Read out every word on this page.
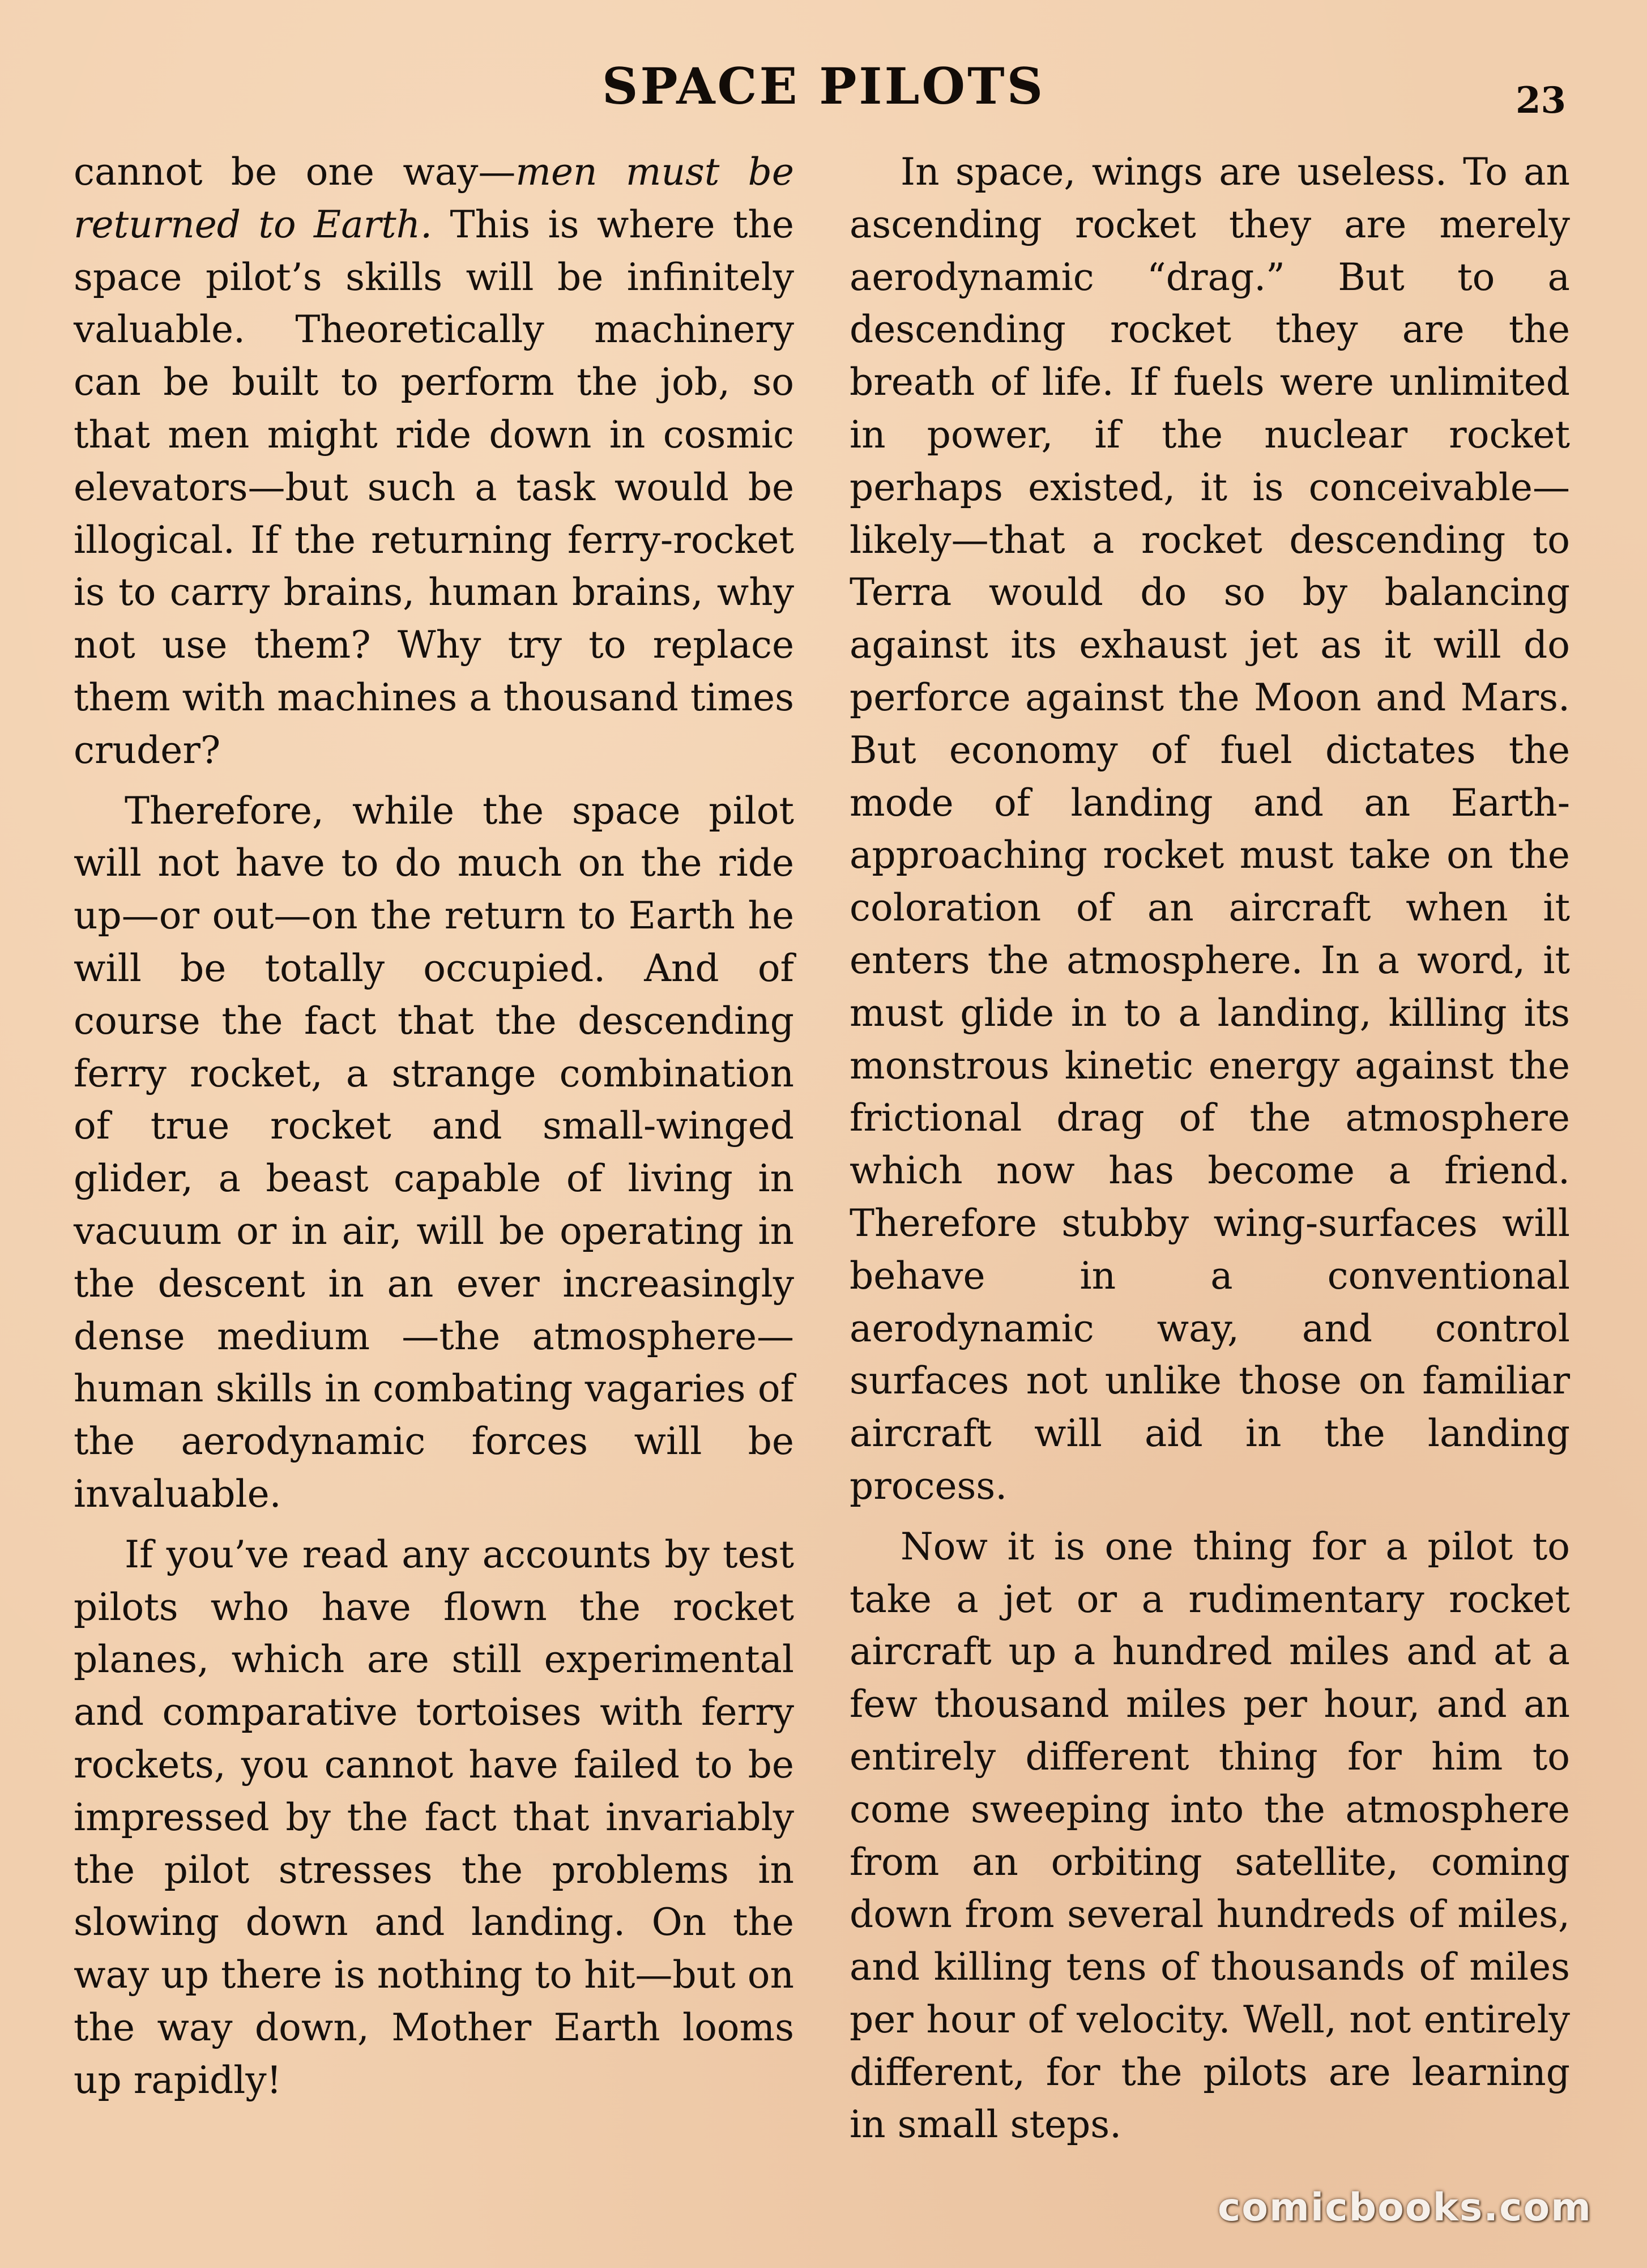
SPACE PILOTS	23

cannot be one way—men must be returned to Earth. This is where the space pilot’s skills will be infinitely valuable. Theoretically machinery can be built to perform the job, so that men might ride down in cosmic elevators—but such a task would be illogical. If the returning ferry-rocket is to carry brains, human brains, why not use them? Why try to replace them with machines a thousand times cruder?

Therefore, while the space pilot will not have to do much on the ride up—or out—on the return to Earth he will be totally occupied. And of course the fact that the descending ferry rocket, a strange combination of true rocket and small-winged glider, a beast capable of living in vacuum or in air, will be operating in the descent in an ever increasingly dense medium —the atmosphere—human skills in combating vagaries of the aerodynamic forces will be invaluable.

If you’ve read any accounts by test pilots who have flown the rocket planes, which are still experimental and comparative tortoises with ferry rockets, you cannot have failed to be impressed by the fact that invariably the pilot stresses the problems in slowing down and landing. On the way up there is nothing to hit—but on the way down, Mother Earth looms up rapidly!

In space, wings are useless. To an ascending rocket they are merely aerodynamic “drag.” But to a descending rocket they are the breath of life. If fuels were unlimited in power, if the nuclear rocket perhaps existed, it is conceivable—likely—that a rocket descending to Terra would do so by balancing against its exhaust jet as it will do perforce against the Moon and Mars. But economy of fuel dictates the mode of landing and an Earth-approaching rocket must take on the coloration of an aircraft when it enters the atmosphere. In a word, it must glide in to a landing, killing its monstrous kinetic energy against the frictional drag of the atmosphere which now has become a friend. Therefore stubby wing-surfaces will behave in a conventional aerodynamic way, and control surfaces not unlike those on familiar aircraft will aid in the landing process.

Now it is one thing for a pilot to take a jet or a rudimentary rocket aircraft up a hundred miles and at a few thousand miles per hour, and an entirely different thing for him to come sweeping into the atmosphere from an orbiting satellite, coming down from several hundreds of miles, and killing tens of thousands of miles per hour of velocity. Well, not entirely different, for the pilots are learning in small steps.

comicbooks.com
